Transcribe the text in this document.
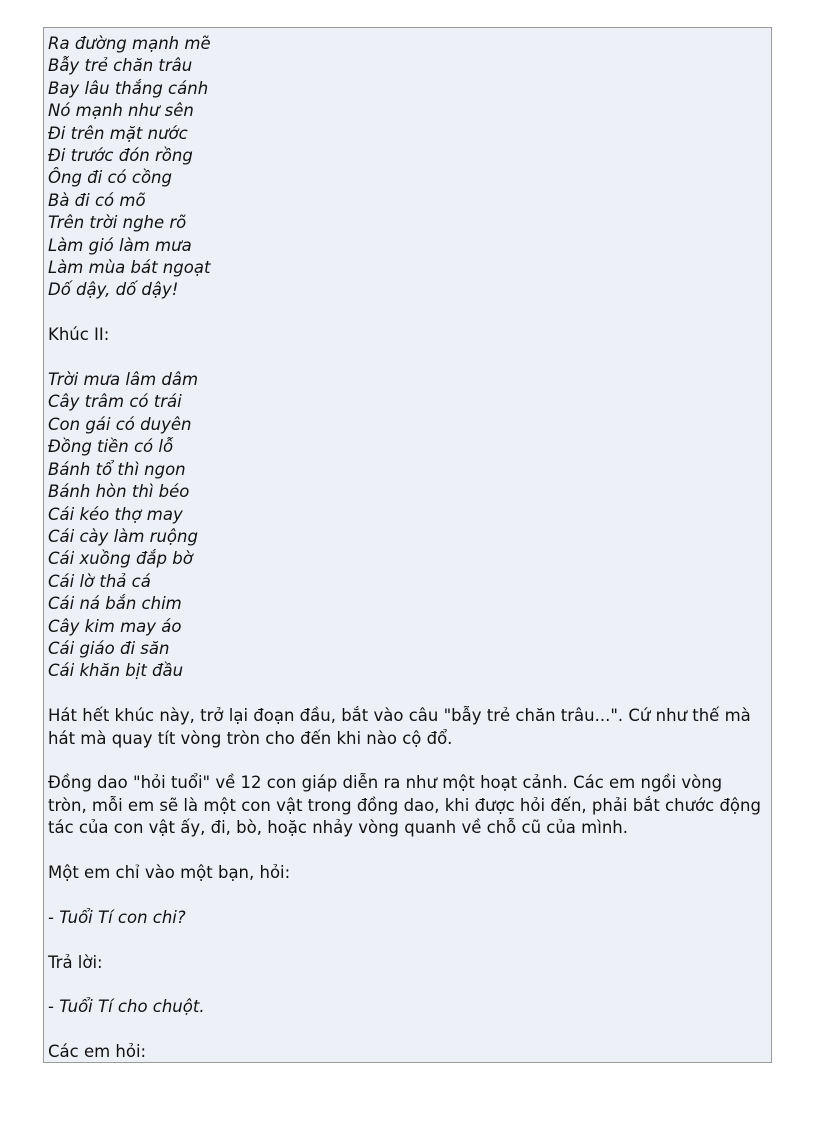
Ra đường mạnh mẽ
Bẫy trẻ chăn trâu
Bay lâu thắng cánh
Nó mạnh như sên
Đi trên mặt nước
Đi trước đón rồng
Ông đi có cồng
Bà đi có mõ
Trên trời nghe rõ
Làm gió làm mưa
Làm mùa bát ngoạt
Dố dậy, dố dậy!

Khúc II:

Trời mưa lâm dâm
Cây trâm có trái
Con gái có duyên
Đồng tiền có lỗ
Bánh tổ thì ngon
Bánh hòn thì béo
Cái kéo thợ may
Cái cày làm ruộng
Cái xuồng đắp bờ
Cái lờ thả cá
Cái ná bắn chim
Cây kim may áo
Cái giáo đi săn
Cái khăn bịt đầu

Hát hết khúc này, trở lại đoạn đầu, bắt vào câu "bẫy trẻ chăn trâu...". Cứ như thế mà hát mà quay tít vòng tròn cho đến khi nào cộ đổ.

Đồng dao "hỏi tuổi" về 12 con giáp diễn ra như một hoạt cảnh. Các em ngồi vòng tròn, mỗi em sẽ là một con vật trong đồng dao, khi được hỏi đến, phải bắt chước động tác của con vật ấy, đi, bò, hoặc nhảy vòng quanh về chỗ cũ của mình.

Một em chỉ vào một bạn, hỏi:

- Tuổi Tí con chi?

Trả lời:

- Tuổi Tí cho chuột.

Các em hỏi:
